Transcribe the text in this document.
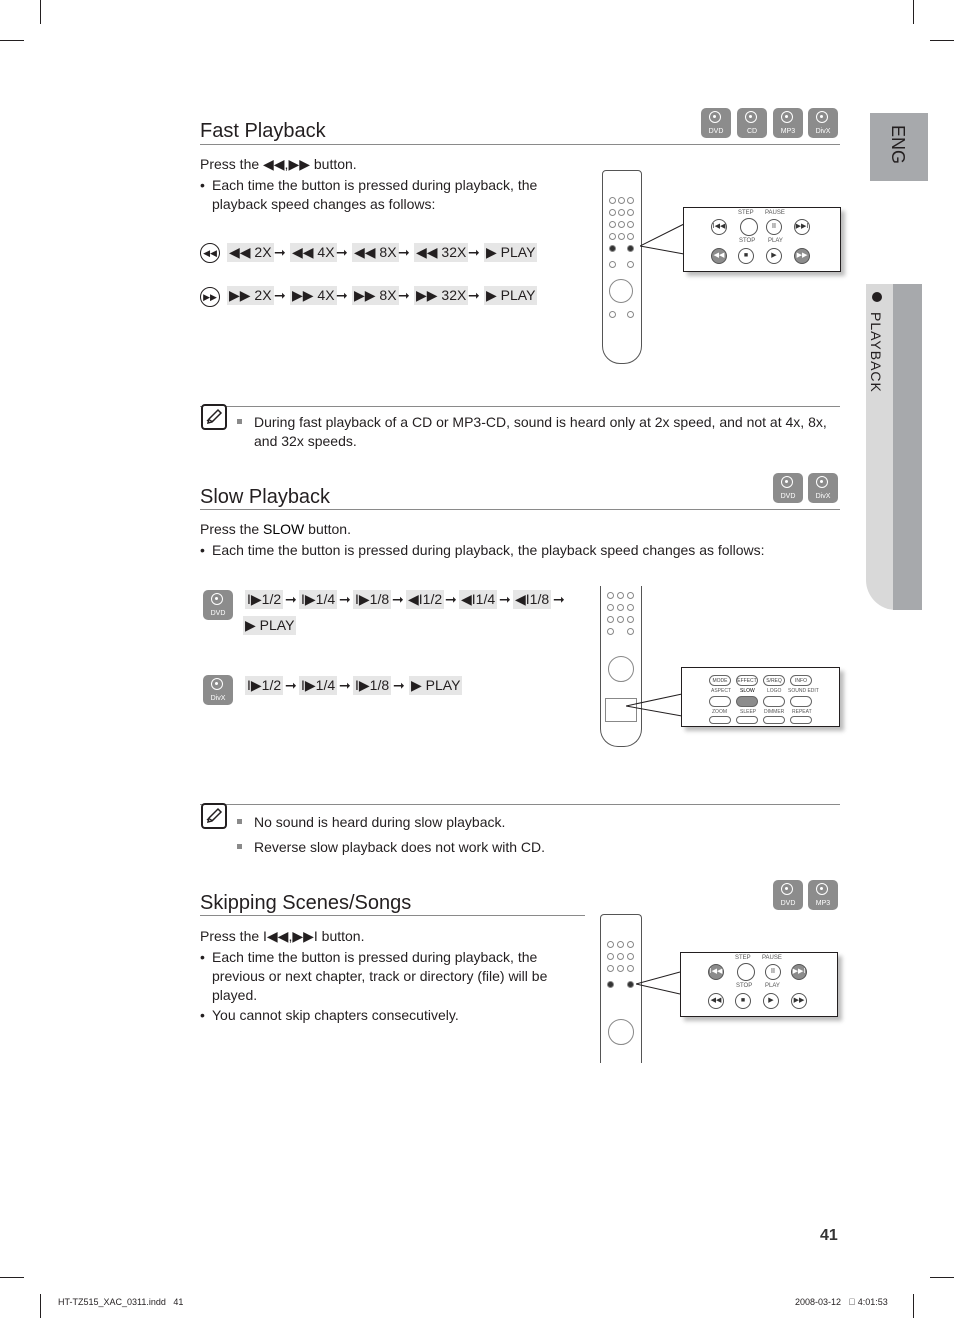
ENG
PLAYBACK
Fast Playback	DVD	CD	MP3	DivX
Press the ◀◀,▶▶ button.
• Each time the button is pressed during playback, the playback speed changes as follows:
◀◀ ◀◀ 2X ➞ ◀◀ 4X ➞ ◀◀ 8X ➞ ◀◀ 32X ➞ ▶ PLAY
▶▶ ▶▶ 2X ➞ ▶▶ 4X ➞ ▶▶ 8X ➞ ▶▶ 32X ➞ ▶ PLAY
STEP PAUSE
I◀◀	II	▶▶I
STOP PLAY
◀◀	■	▶	▶▶
During fast playback of a CD or MP3-CD, sound is heard only at 2x speed, and not at 4x, 8x, and 32x speeds.
Slow Playback	DVD	DivX
Press the SLOW button.
• Each time the button is pressed during playback, the playback speed changes as follows:
DVD
I▶1/2 ➞ I▶1/4 ➞ I▶1/8 ➞ ◀I1/2 ➞ ◀I1/4 ➞ ◀I1/8 ➞
▶ PLAY
DivX
I▶1/2 ➞ I▶1/4 ➞ I▶1/8 ➞ ▶ PLAY	MODE	EFFECT	S/REQ	INFO
ASPECT SLOW LOGO SOUND EDIT
ZOOM	SLEEP DIMMER REPEAT
No sound is heard during slow playback.
Reverse slow playback does not work with CD.
Skipping Scenes/Songs	DVD	MP3
Press the I◀◀,▶▶I button.
• Each time the button is pressed during playback, the previous or next chapter, track or directory (file) will be played.
• You cannot skip chapters consecutively.
STEP PAUSE
I◀◀	II	▶▶I
STOP PLAY
◀◀	■	▶	▶▶
41
HT-TZ515_XAC_0311.indd   41	2008-03-12   ￿ 4:01:53
